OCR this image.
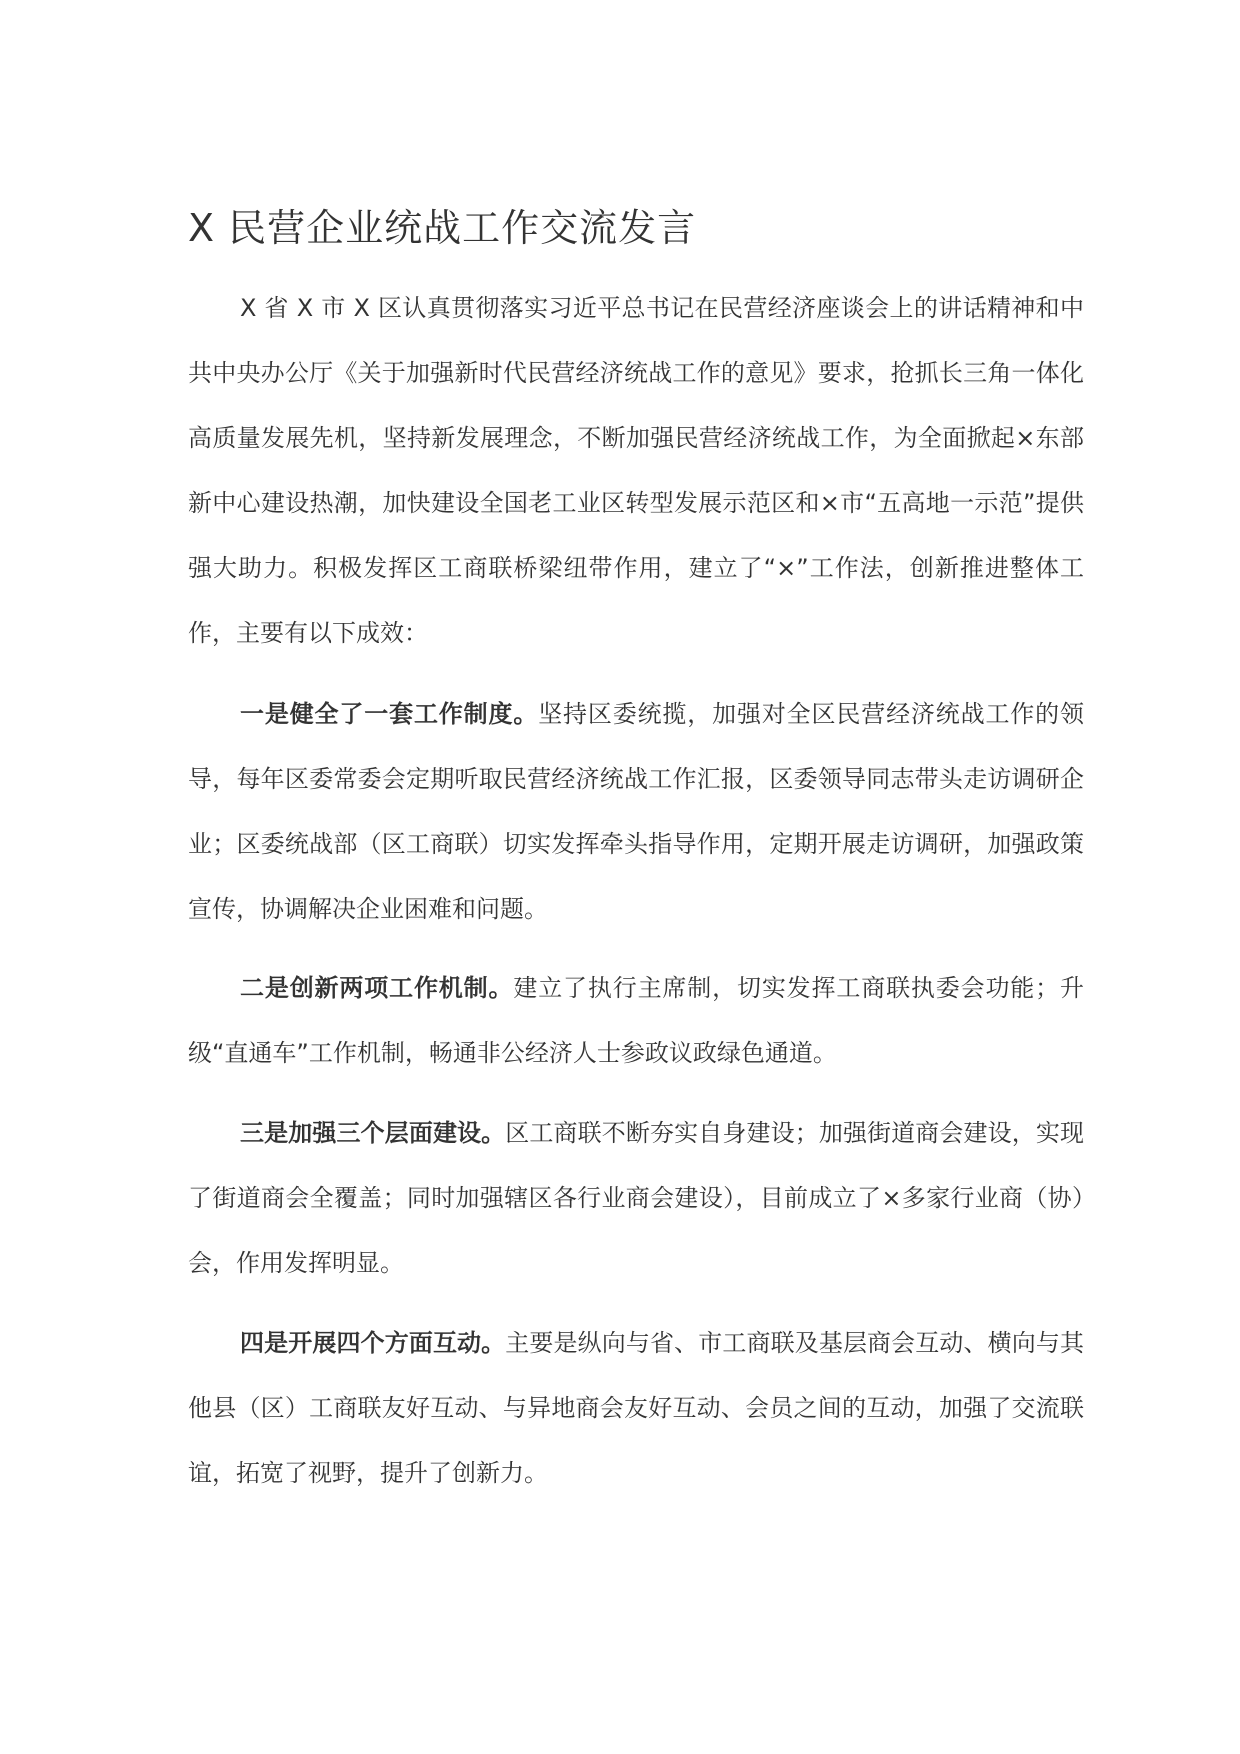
X 民营企业统战工作交流发言

X 省 X 市 X 区认真贯彻落实习近平总书记在民营经济座谈会上的讲话精神和中共中央办公厅《关于加强新时代民营经济统战工作的意见》要求，抢抓长三角一体化高质量发展先机，坚持新发展理念，不断加强民营经济统战工作，为全面掀起×东部新中心建设热潮，加快建设全国老工业区转型发展示范区和×市“五高地一示范”提供强大助力。积极发挥区工商联桥梁纽带作用，建立了“×”工作法，创新推进整体工作，主要有以下成效：

一是健全了一套工作制度。坚持区委统揽，加强对全区民营经济统战工作的领导，每年区委常委会定期听取民营经济统战工作汇报，区委领导同志带头走访调研企业；区委统战部（区工商联）切实发挥牵头指导作用，定期开展走访调研，加强政策宣传，协调解决企业困难和问题。

二是创新两项工作机制。建立了执行主席制，切实发挥工商联执委会功能；升级“直通车”工作机制，畅通非公经济人士参政议政绿色通道。

三是加强三个层面建设。区工商联不断夯实自身建设；加强街道商会建设，实现了街道商会全覆盖；同时加强辖区各行业商会建设），目前成立了×多家行业商（协）会，作用发挥明显。

四是开展四个方面互动。主要是纵向与省、市工商联及基层商会互动、横向与其他县（区）工商联友好互动、与异地商会友好互动、会员之间的互动，加强了交流联谊，拓宽了视野，提升了创新力。
